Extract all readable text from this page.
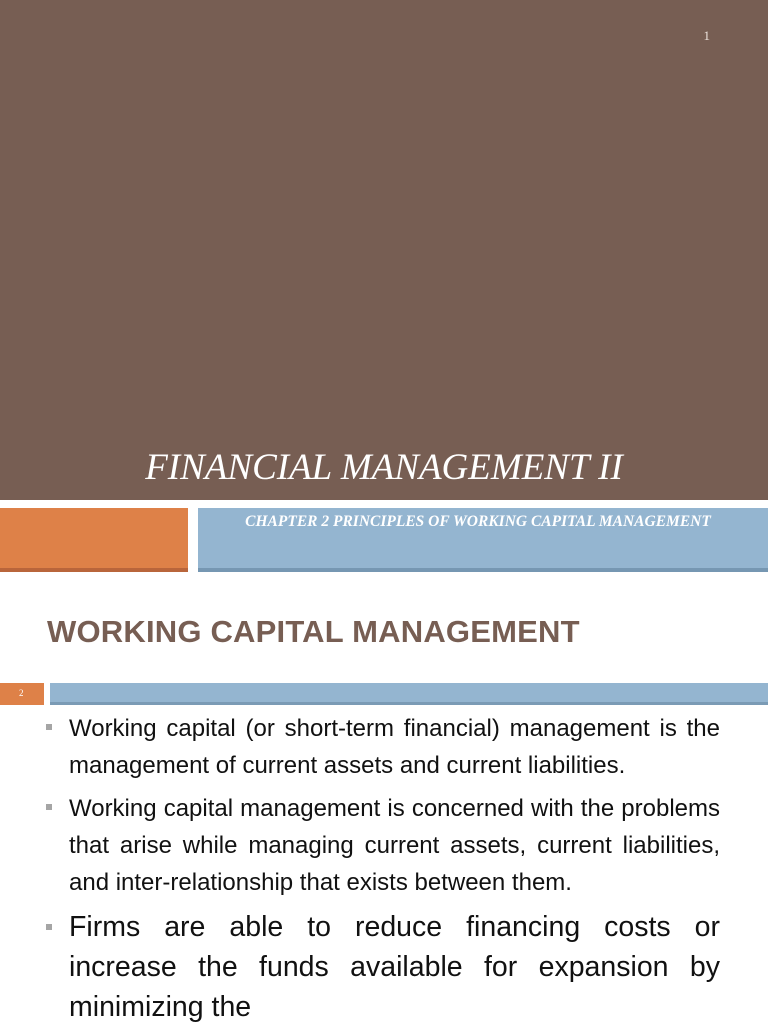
1
FINANCIAL MANAGEMENT II
CHAPTER 2 PRINCIPLES OF WORKING CAPITAL MANAGEMENT
WORKING CAPITAL MANAGEMENT
2
Working capital (or short-term financial) management is the management of current assets and current liabilities.
Working capital management is concerned with the problems that arise while managing current assets, current liabilities, and inter-relationship that exists between them.
Firms are able to reduce financing costs or increase the funds available for expansion by minimizing the
